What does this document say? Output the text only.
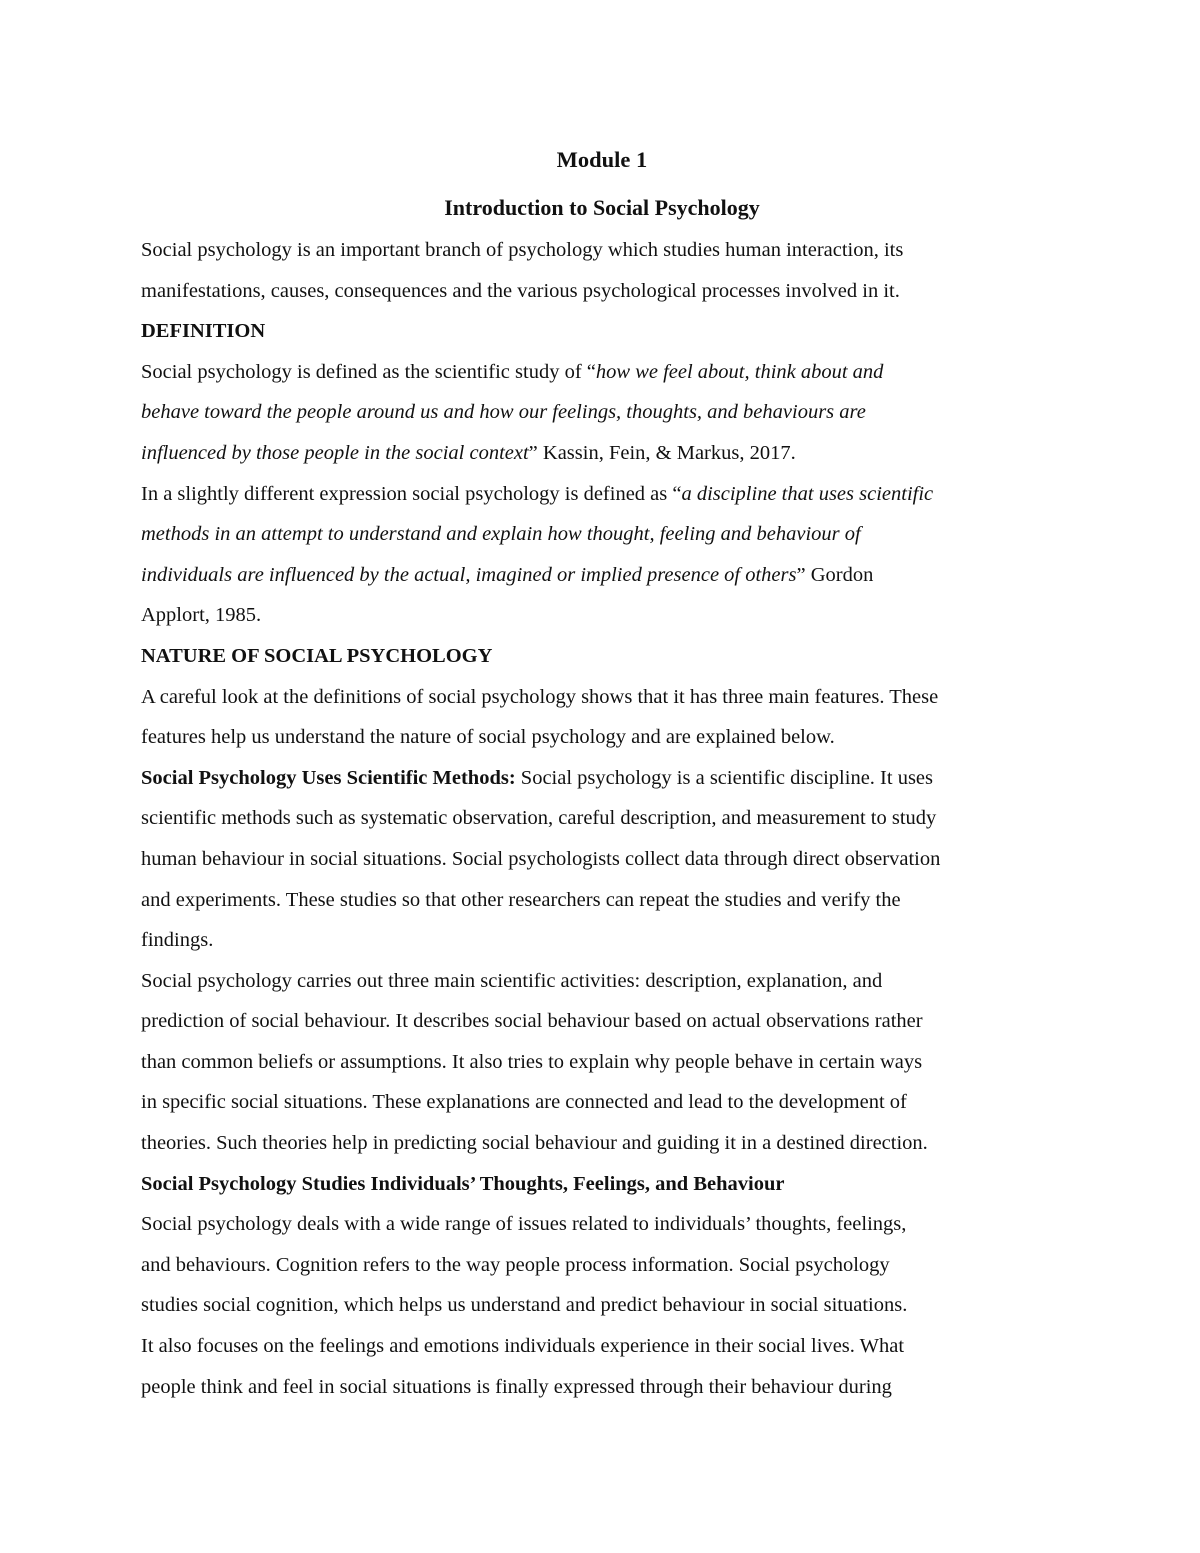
Module 1
Introduction to Social Psychology

Social psychology is an important branch of psychology which studies human interaction, its
manifestations, causes, consequences and the various psychological processes involved in it.

DEFINITION

Social psychology is defined as the scientific study of “how we feel about, think about and
behave toward the people around us and how our feelings, thoughts, and behaviours are
influenced by those people in the social context” Kassin, Fein, & Markus, 2017.

In a slightly different expression social psychology is defined as “a discipline that uses scientific
methods in an attempt to understand and explain how thought, feeling and behaviour of
individuals are influenced by the actual, imagined or implied presence of others” Gordon
Applort, 1985.

NATURE OF SOCIAL PSYCHOLOGY

A careful look at the definitions of social psychology shows that it has three main features. These
features help us understand the nature of social psychology and are explained below.

Social Psychology Uses Scientific Methods: Social psychology is a scientific discipline. It uses
scientific methods such as systematic observation, careful description, and measurement to study
human behaviour in social situations. Social psychologists collect data through direct observation
and experiments. These studies so that other researchers can repeat the studies and verify the
findings.

Social psychology carries out three main scientific activities: description, explanation, and
prediction of social behaviour. It describes social behaviour based on actual observations rather
than common beliefs or assumptions. It also tries to explain why people behave in certain ways
in specific social situations. These explanations are connected and lead to the development of
theories. Such theories help in predicting social behaviour and guiding it in a destined direction.

Social Psychology Studies Individuals’ Thoughts, Feelings, and Behaviour

Social psychology deals with a wide range of issues related to individuals’ thoughts, feelings,
and behaviours. Cognition refers to the way people process information. Social psychology
studies social cognition, which helps us understand and predict behaviour in social situations.
It also focuses on the feelings and emotions individuals experience in their social lives. What
people think and feel in social situations is finally expressed through their behaviour during
